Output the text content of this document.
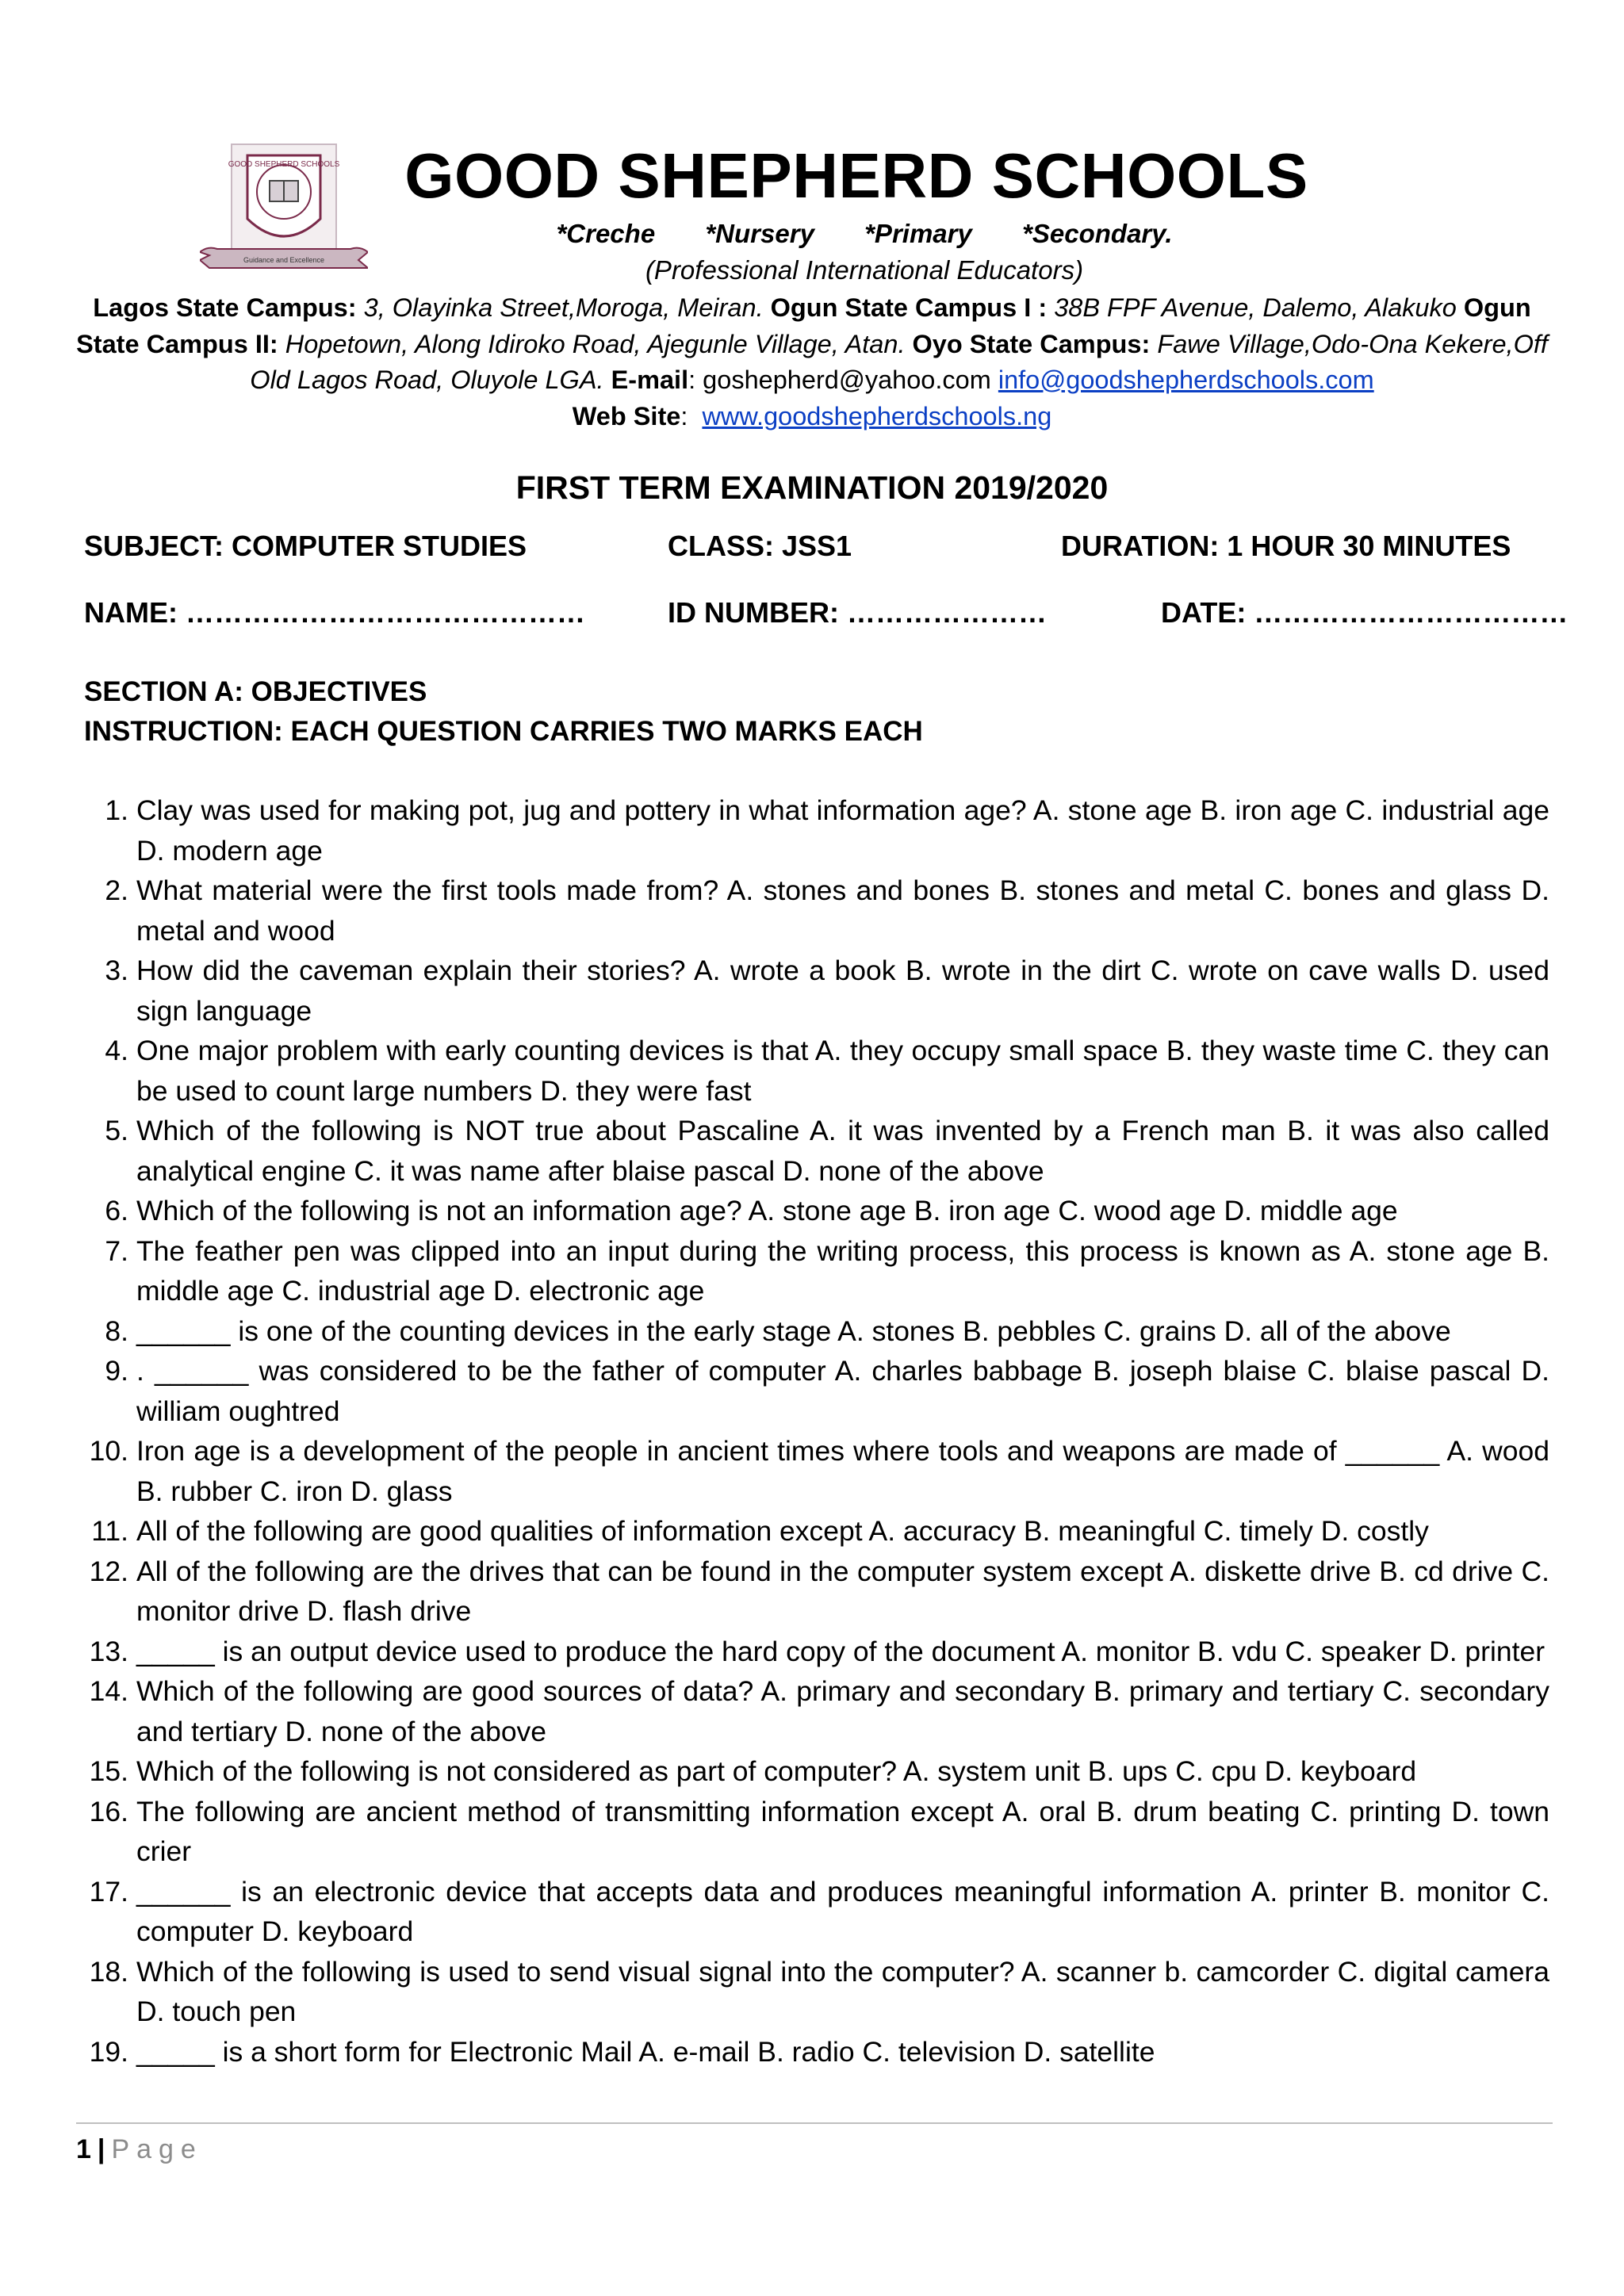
GOOD SHEPHERD SCHOOLS
Guidance and Excellence
GOOD SHEPHERD SCHOOLS
*Creche *Nursery *Primary *Secondary.
(Professional International Educators)
Lagos State Campus: 3, Olayinka Street,Moroga, Meiran. Ogun State Campus I : 38B FPF Avenue, Dalemo, Alakuko Ogun State Campus II: Hopetown, Along Idiroko Road, Ajegunle Village, Atan. Oyo State Campus: Fawe Village,Odo-Ona Kekere,Off Old Lagos Road, Oluyole LGA. E-mail: goshepherd@yahoo.com info@goodshepherdschools.com
Web Site:  www.goodshepherdschools.ng
FIRST TERM EXAMINATION 2019/2020
SUBJECT: COMPUTER STUDIES	CLASS: JSS1	DURATION: 1 HOUR 30 MINUTES
NAME: ……………………………………	ID NUMBER: …………………	DATE: ……………………………
SECTION A: OBJECTIVES
INSTRUCTION: EACH QUESTION CARRIES TWO MARKS EACH
1. Clay was used for making pot, jug and pottery in what information age? A. stone age B. iron age C. industrial age D. modern age
2. What material were the first tools made from? A. stones and bones B. stones and metal C. bones and glass D. metal and wood
3. How did the caveman explain their stories? A. wrote a book B. wrote in the dirt C. wrote on cave walls D. used sign language
4. One major problem with early counting devices is that A. they occupy small space B. they waste time C. they can be used to count large numbers D. they were fast
5. Which of the following is NOT true about Pascaline A. it was invented by a French man B. it was also called analytical engine C. it was name after blaise pascal D. none of the above
6. Which of the following is not an information age? A. stone age B. iron age C. wood age D. middle age
7. The feather pen was clipped into an input during the writing process, this process is known as A. stone age B. middle age C. industrial age D. electronic age
8. ______ is one of the counting devices in the early stage A. stones B. pebbles C. grains D. all of the above
9. . ______ was considered to be the father of computer A. charles babbage B. joseph blaise C. blaise pascal D. william oughtred
10. Iron age is a development of the people in ancient times where tools and weapons are made of ______ A. wood B. rubber C. iron D. glass
11. All of the following are good qualities of information except A. accuracy B. meaningful C. timely D. costly
12. All of the following are the drives that can be found in the computer system except A. diskette drive B. cd drive C. monitor drive D. flash drive
13. _____ is an output device used to produce the hard copy of the document A. monitor B. vdu C. speaker D. printer
14. Which of the following are good sources of data? A. primary and secondary B. primary and tertiary C. secondary and tertiary D. none of the above
15. Which of the following is not considered as part of computer? A. system unit B. ups C. cpu D. keyboard
16. The following are ancient method of transmitting information except A. oral B. drum beating C. printing D. town crier
17. ______ is an electronic device that accepts data and produces meaningful information A. printer B. monitor C. computer D. keyboard
18. Which of the following is used to send visual signal into the computer? A. scanner b. camcorder C. digital camera D. touch pen
19. _____ is a short form for Electronic Mail A. e-mail B. radio C. television D. satellite
1 | Page
